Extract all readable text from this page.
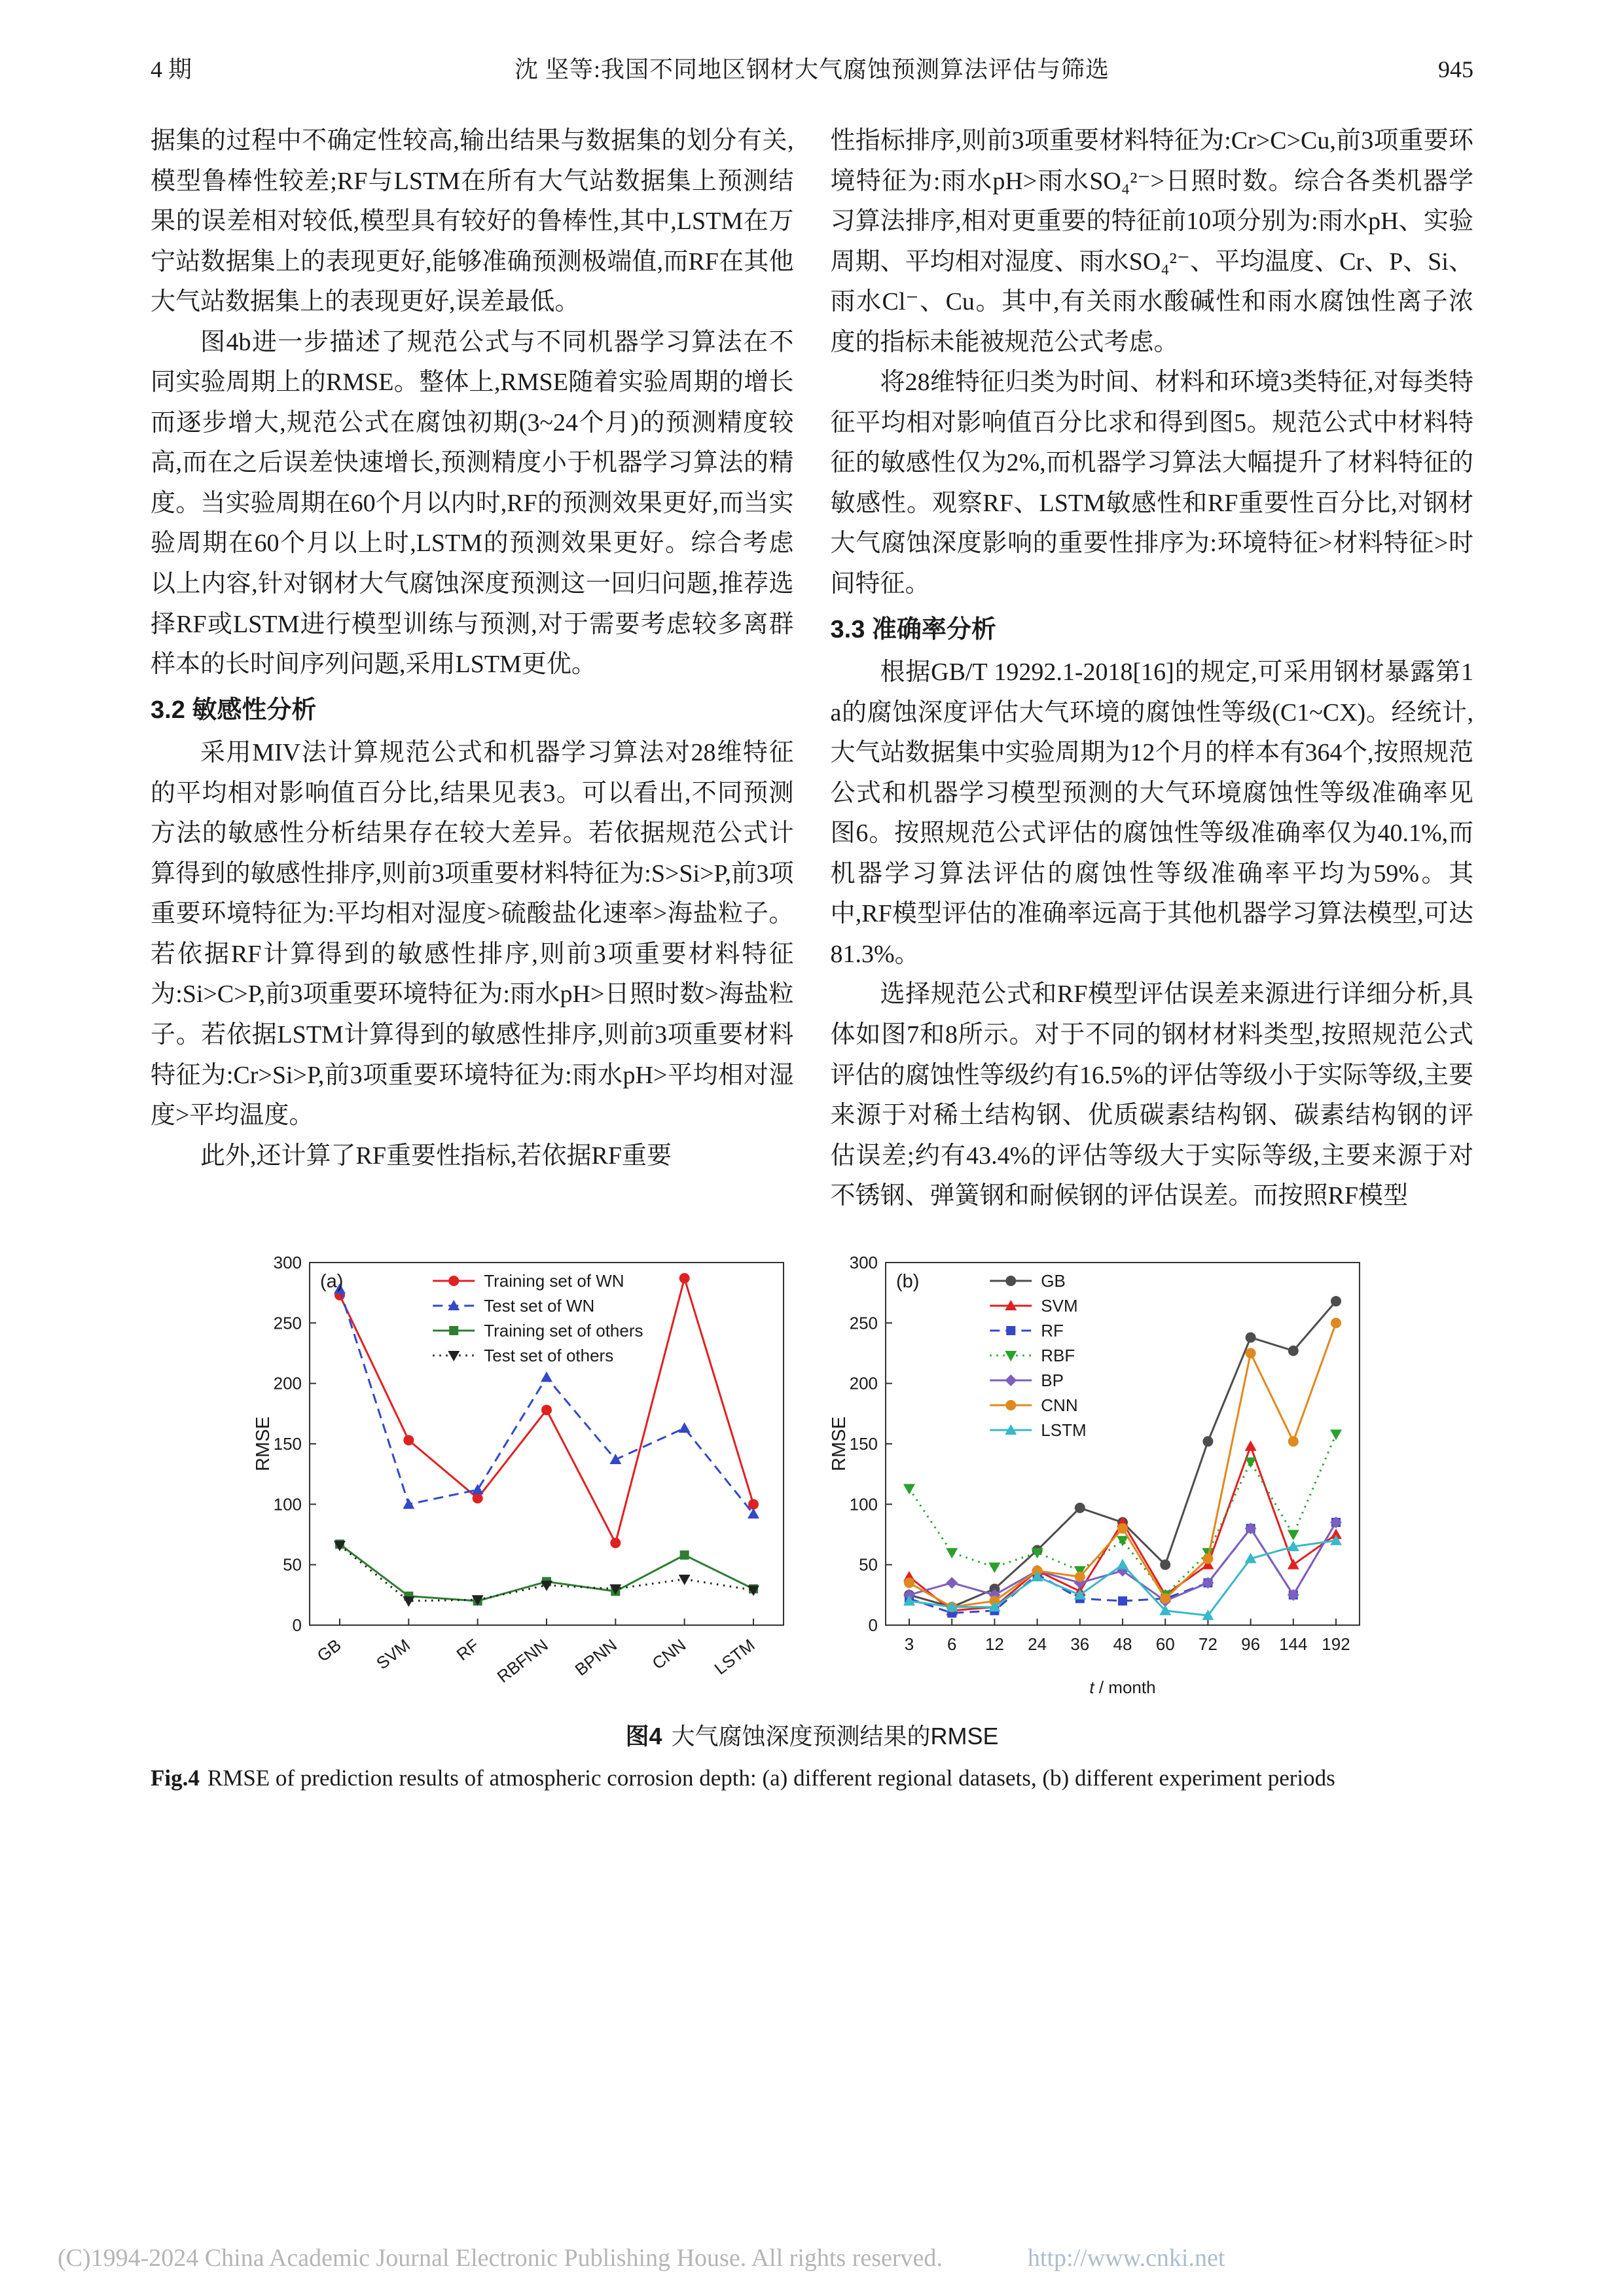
4 期	沈 坚等:我国不同地区钢材大气腐蚀预测算法评估与筛选	945

据集的过程中不确定性较高,输出结果与数据集的划分有关,模型鲁棒性较差;RF与LSTM在所有大气站数据集上预测结果的误差相对较低,模型具有较好的鲁棒性,其中,LSTM在万宁站数据集上的表现更好,能够准确预测极端值,而RF在其他大气站数据集上的表现更好,误差最低。

图4b进一步描述了规范公式与不同机器学习算法在不同实验周期上的RMSE。整体上,RMSE随着实验周期的增长而逐步增大,规范公式在腐蚀初期(3~24个月)的预测精度较高,而在之后误差快速增长,预测精度小于机器学习算法的精度。当实验周期在60个月以内时,RF的预测效果更好,而当实验周期在60个月以上时,LSTM的预测效果更好。综合考虑以上内容,针对钢材大气腐蚀深度预测这一回归问题,推荐选择RF或LSTM进行模型训练与预测,对于需要考虑较多离群样本的长时间序列问题,采用LSTM更优。

3.2 敏感性分析

采用MIV法计算规范公式和机器学习算法对28维特征的平均相对影响值百分比,结果见表3。可以看出,不同预测方法的敏感性分析结果存在较大差异。若依据规范公式计算得到的敏感性排序,则前3项重要材料特征为:S>Si>P,前3项重要环境特征为:平均相对湿度>硫酸盐化速率>海盐粒子。若依据RF计算得到的敏感性排序,则前3项重要材料特征为:Si>C>P,前3项重要环境特征为:雨水pH>日照时数>海盐粒子。若依据LSTM计算得到的敏感性排序,则前3项重要材料特征为:Cr>Si>P,前3项重要环境特征为:雨水pH>平均相对湿度>平均温度。

此外,还计算了RF重要性指标,若依据RF重要

性指标排序,则前3项重要材料特征为:Cr>C>Cu,前3项重要环境特征为:雨水pH>雨水SO₄²⁻>日照时数。综合各类机器学习算法排序,相对更重要的特征前10项分别为:雨水pH、实验周期、平均相对湿度、雨水SO₄²⁻、平均温度、Cr、P、Si、雨水Cl⁻、Cu。其中,有关雨水酸碱性和雨水腐蚀性离子浓度的指标未能被规范公式考虑。

将28维特征归类为时间、材料和环境3类特征,对每类特征平均相对影响值百分比求和得到图5。规范公式中材料特征的敏感性仅为2%,而机器学习算法大幅提升了材料特征的敏感性。观察RF、LSTM敏感性和RF重要性百分比,对钢材大气腐蚀深度影响的重要性排序为:环境特征>材料特征>时间特征。

3.3 准确率分析

根据GB/T 19292.1-2018[16]的规定,可采用钢材暴露第1 a的腐蚀深度评估大气环境的腐蚀性等级(C1~CX)。经统计,大气站数据集中实验周期为12个月的样本有364个,按照规范公式和机器学习模型预测的大气环境腐蚀性等级准确率见图6。按照规范公式评估的腐蚀性等级准确率仅为40.1%,而机器学习算法评估的腐蚀性等级准确率平均为59%。其中,RF模型评估的准确率远高于其他机器学习算法模型,可达81.3%。

选择规范公式和RF模型评估误差来源进行详细分析,具体如图7和8所示。对于不同的钢材材料类型,按照规范公式评估的腐蚀性等级约有16.5%的评估等级小于实际等级,主要来源于对稀土结构钢、优质碳素结构钢、碳素结构钢的评估误差;约有43.4%的评估等级大于实际等级,主要来源于对不锈钢、弹簧钢和耐候钢的评估误差。而按照RF模型

0
50
100
150
200
250
300
GB SVM RF RBFNN BPNN CNN LSTM
RMSE
Training set of WN
Test set of WN
Training set of others
Test set of others
(a)
0
50
100
150
200
250
300
3 6 12 24 36 48 60 72 96 144 192
RMSE
t / month
GB
SVM
RF
RBF
BP
CNN
LSTM
(b)
图4 大气腐蚀深度预测结果的RMSE
Fig.4 RMSE of prediction results of atmospheric corrosion depth: (a) different regional datasets, (b) different experiment periods
(C)1994-2024 China Academic Journal Electronic Publishing House. All rights reserved.	http://www.cnki.net
